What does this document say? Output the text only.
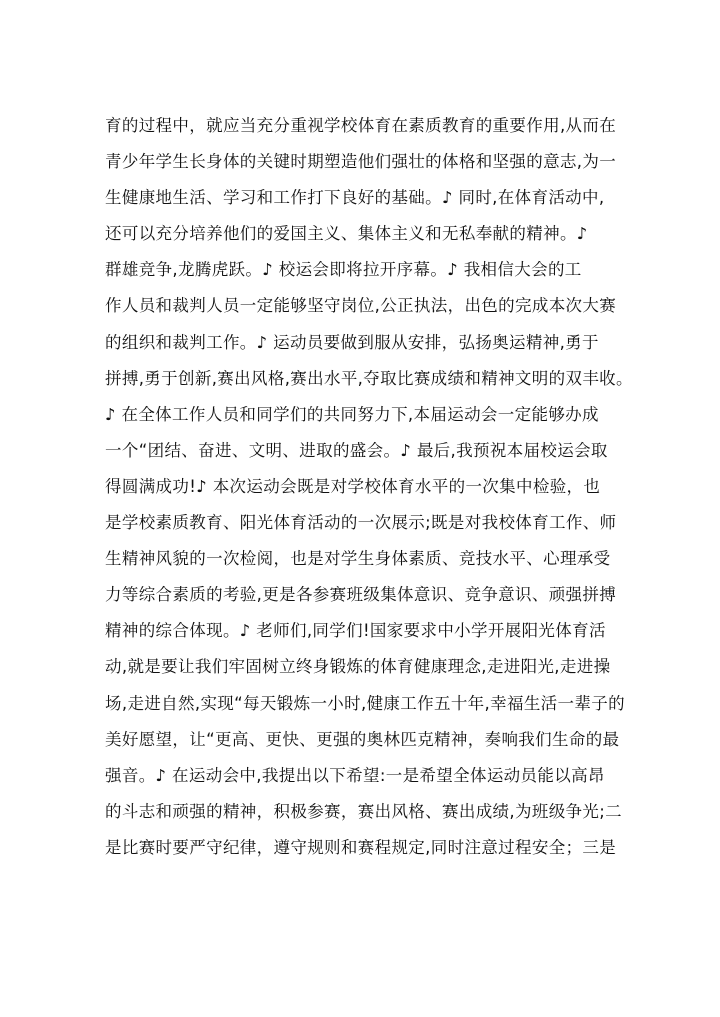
育的过程中，就应当充分重视学校体育在素质教育的重要作用,从而在
青少年学生长身体的关键时期塑造他们强壮的体格和坚强的意志,为一
生健康地生活、学习和工作打下良好的基础。♪ 同时,在体育活动中,
还可以充分培养他们的爱国主义、集体主义和无私奉献的精神。♪
群雄竞争,龙腾虎跃。♪ 校运会即将拉开序幕。♪ 我相信大会的工
作人员和裁判人员一定能够坚守岗位,公正执法，出色的完成本次大赛
的组织和裁判工作。♪ 运动员要做到服从安排，弘扬奥运精神,勇于
拼搏,勇于创新,赛出风格,赛出水平,夺取比赛成绩和精神文明的双丰收。
♪ 在全体工作人员和同学们的共同努力下,本届运动会一定能够办成
一个“团结、奋进、文明、进取的盛会。♪ 最后,我预祝本届校运会取
得圆满成功!♪ 本次运动会既是对学校体育水平的一次集中检验，也
是学校素质教育、阳光体育活动的一次展示;既是对我校体育工作、师
生精神风貌的一次检阅，也是对学生身体素质、竞技水平、心理承受
力等综合素质的考验,更是各参赛班级集体意识、竞争意识、顽强拼搏
精神的综合体现。♪ 老师们,同学们!国家要求中小学开展阳光体育活
动,就是要让我们牢固树立终身锻炼的体育健康理念,走进阳光,走进操
场,走进自然,实现“每天锻炼一小时,健康工作五十年,幸福生活一辈子的
美好愿望，让“更高、更快、更强的奥林匹克精神，奏响我们生命的最
强音。♪ 在运动会中,我提出以下希望:一是希望全体运动员能以高昂
的斗志和顽强的精神，积极参赛，赛出风格、赛出成绩,为班级争光;二
是比赛时要严守纪律，遵守规则和赛程规定,同时注意过程安全；三是
